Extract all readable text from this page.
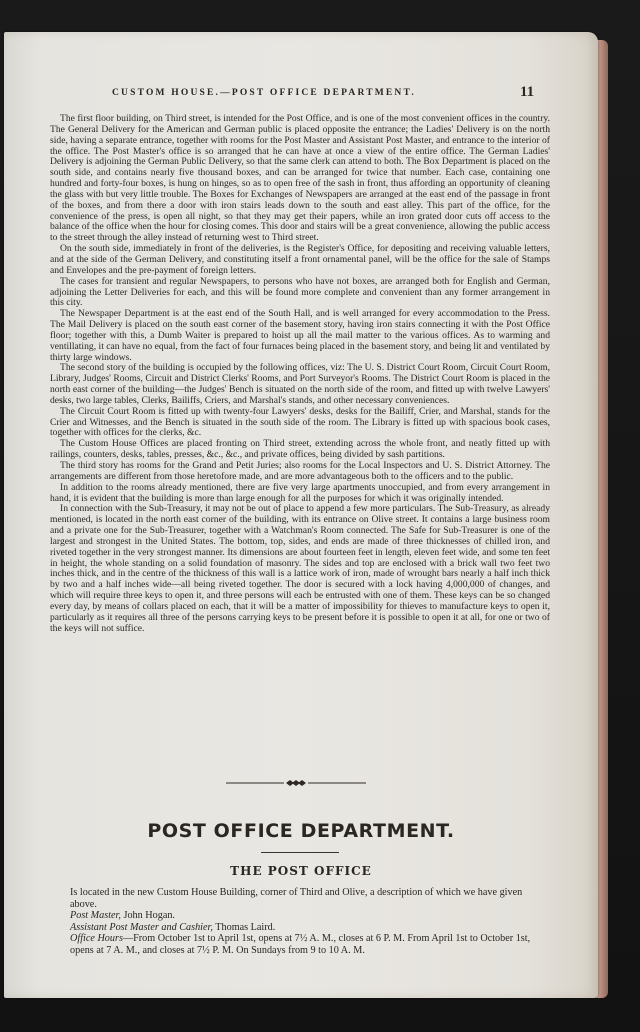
CUSTOM HOUSE.—POST OFFICE DEPARTMENT.	11

The first floor building, on Third street, is intended for the Post Office, and is one of the most convenient offices in the country. The General Delivery for the American and German public is placed opposite the entrance; the Ladies' Delivery is on the north side, having a separate entrance, together with rooms for the Post Master and Assistant Post Master, and entrance to the interior of the office. The Post Master's office is so arranged that he can have at once a view of the entire office. The German Ladies' Delivery is adjoining the German Public Delivery, so that the same clerk can attend to both. The Box Department is placed on the south side, and contains nearly five thousand boxes, and can be arranged for twice that number. Each case, containing one hundred and forty-four boxes, is hung on hinges, so as to open free of the sash in front, thus affording an opportunity of cleaning the glass with but very little trouble. The Boxes for Exchanges of Newspapers are arranged at the east end of the passage in front of the boxes, and from there a door with iron stairs leads down to the south and east alley. This part of the office, for the convenience of the press, is open all night, so that they may get their papers, while an iron grated door cuts off access to the balance of the office when the hour for closing comes. This door and stairs will be a great convenience, allowing the public access to the street through the alley instead of returning west to Third street.

On the south side, immediately in front of the deliveries, is the Register's Office, for depositing and receiving valuable letters, and at the side of the German Delivery, and constituting itself a front ornamental panel, will be the office for the sale of Stamps and Envelopes and the pre-payment of foreign letters.

The cases for transient and regular Newspapers, to persons who have not boxes, are arranged both for English and German, adjoining the Letter Deliveries for each, and this will be found more complete and convenient than any former arrangement in this city.

The Newspaper Department is at the east end of the South Hall, and is well arranged for every accommodation to the Press. The Mail Delivery is placed on the south east corner of the basement story, having iron stairs connecting it with the Post Office floor; together with this, a Dumb Waiter is prepared to hoist up all the mail matter to the various offices. As to warming and ventillating, it can have no equal, from the fact of four furnaces being placed in the basement story, and being lit and ventilated by thirty large windows.

The second story of the building is occupied by the following offices, viz: The U. S. District Court Room, Circuit Court Room, Library, Judges' Rooms, Circuit and District Clerks' Rooms, and Port Surveyor's Rooms. The District Court Room is placed in the north east corner of the building—the Judges' Bench is situated on the north side of the room, and fitted up with twelve Lawyers' desks, two large tables, Clerks, Bailiffs, Criers, and Marshal's stands, and other necessary conveniences.

The Circuit Court Room is fitted up with twenty-four Lawyers' desks, desks for the Bailiff, Crier, and Marshal, stands for the Crier and Witnesses, and the Bench is situated in the south side of the room. The Library is fitted up with spacious book cases, together with offices for the clerks, &c.

The Custom House Offices are placed fronting on Third street, extending across the whole front, and neatly fitted up with railings, counters, desks, tables, presses, &c., &c., and private offices, being divided by sash partitions.

The third story has rooms for the Grand and Petit Juries; also rooms for the Local Inspectors and U. S. District Attorney. The arrangements are different from those heretofore made, and are more advantageous both to the officers and to the public.

In addition to the rooms already mentioned, there are five very large apartments unoccupied, and from every arrangement in hand, it is evident that the building is more than large enough for all the purposes for which it was originally intended.

In connection with the Sub-Treasury, it may not be out of place to append a few more particulars. The Sub-Treasury, as already mentioned, is located in the north east corner of the building, with its entrance on Olive street. It contains a large business room and a private one for the Sub-Treasurer, together with a Watchman's Room connected. The Safe for Sub-Treasurer is one of the largest and strongest in the United States. The bottom, top, sides, and ends are made of three thicknesses of chilled iron, and riveted together in the very strongest manner. Its dimensions are about fourteen feet in length, eleven feet wide, and some ten feet in height, the whole standing on a solid foundation of masonry. The sides and top are enclosed with a brick wall two feet two inches thick, and in the centre of the thickness of this wall is a lattice work of iron, made of wrought bars nearly a half inch thick by two and a half inches wide—all being riveted together. The door is secured with a lock having 4,000,000 of changes, and which will require three keys to open it, and three persons will each be entrusted with one of them. These keys can be so changed every day, by means of collars placed on each, that it will be a matter of impossibility for thieves to manufacture keys to open it, particularly as it requires all three of the persons carrying keys to be present before it is possible to open it at all, for one or two of the keys will not suffice.

POST OFFICE DEPARTMENT.
THE POST OFFICE

Is located in the new Custom House Building, corner of Third and Olive, a description of which we have given above.

Post Master, John Hogan.

Assistant Post Master and Cashier, Thomas Laird.

Office Hours—From October 1st to April 1st, opens at 7½ A. M., closes at 6 P. M. From April 1st to October 1st, opens at 7 A. M., and closes at 7½ P. M. On Sundays from 9 to 10 A. M.
